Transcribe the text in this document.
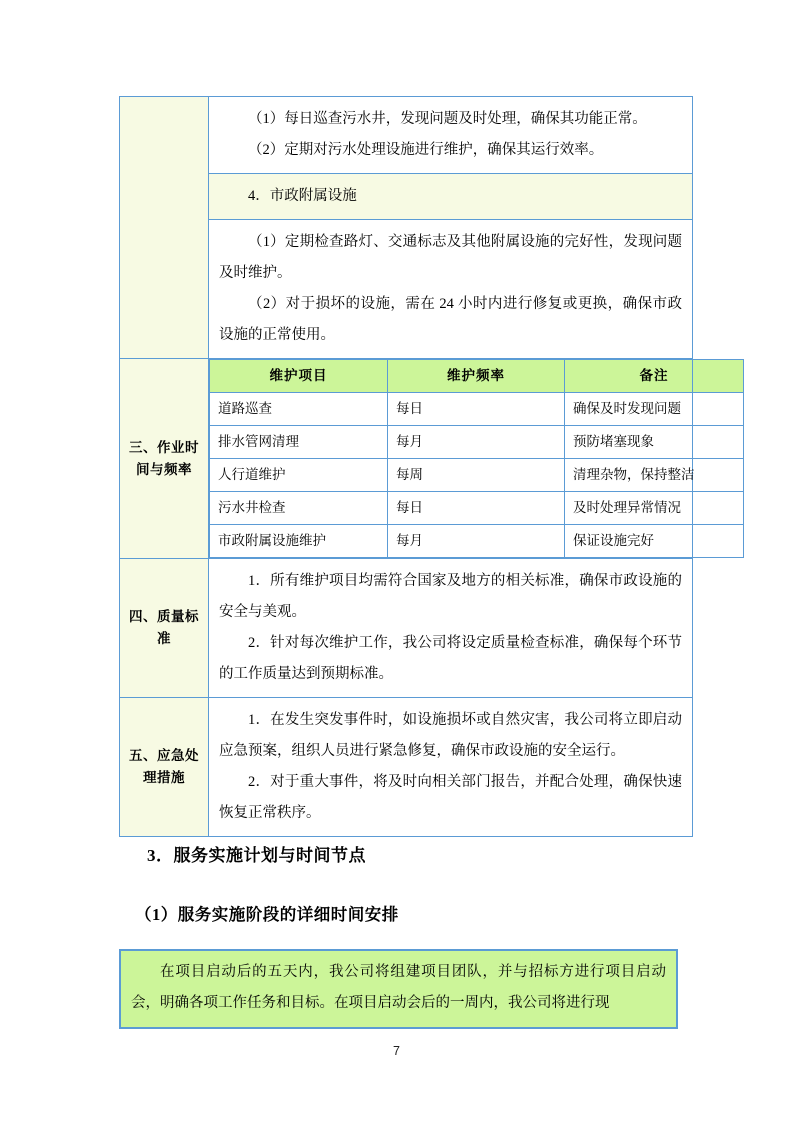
（1）每日巡查污水井，发现问题及时处理，确保其功能正常。

（2）定期对污水处理设施进行维护，确保其运行效率。

4．市政附属设施

（1）定期检查路灯、交通标志及其他附属设施的完好性，发现问题及时维护。

（2）对于损坏的设施，需在 24 小时内进行修复或更换，确保市政设施的正常使用。

三、作业时间与频率	
维护项目	维护频率	备注
道路巡查	每日	确保及时发现问题
排水管网清理	每月	预防堵塞现象
人行道维护	每周	清理杂物，保持整洁
污水井检查	每日	及时处理异常情况
市政附属设施维护	每月	保证设施完好

四、质量标准	

1．所有维护项目均需符合国家及地方的相关标准，确保市政设施的安全与美观。

2．针对每次维护工作，我公司将设定质量检查标准，确保每个环节的工作质量达到预期标准。

五、应急处理措施	

1．在发生突发事件时，如设施损坏或自然灾害，我公司将立即启动应急预案，组织人员进行紧急修复，确保市政设施的安全运行。

2．对于重大事件，将及时向相关部门报告，并配合处理，确保快速恢复正常秩序。

3．服务实施计划与时间节点
（1）服务实施阶段的详细时间安排

在项目启动后的五天内，我公司将组建项目团队，并与招标方进行项目启动会，明确各项工作任务和目标。在项目启动会后的一周内，我公司将进行现

7
